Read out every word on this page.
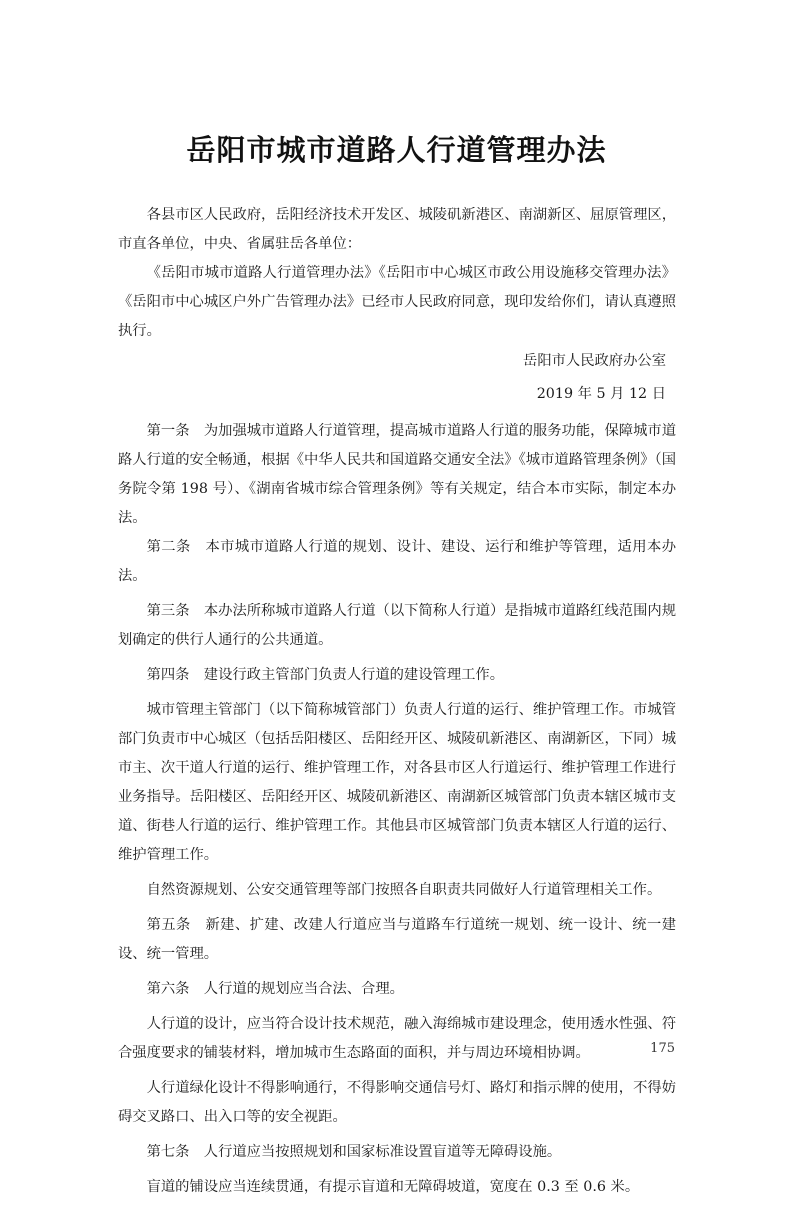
岳阳市城市道路人行道管理办法

各县市区人民政府，岳阳经济技术开发区、城陵矶新港区、南湖新区、屈原管理区，市直各单位，中央、省属驻岳各单位：

《岳阳市城市道路人行道管理办法》《岳阳市中心城区市政公用设施移交管理办法》《岳阳市中心城区户外广告管理办法》已经市人民政府同意，现印发给你们，请认真遵照执行。

岳阳市人民政府办公室

2019 年 5 月 12 日

第一条　为加强城市道路人行道管理，提高城市道路人行道的服务功能，保障城市道路人行道的安全畅通，根据《中华人民共和国道路交通安全法》《城市道路管理条例》（国务院令第 198 号）、《湖南省城市综合管理条例》等有关规定，结合本市实际，制定本办法。

第二条　本市城市道路人行道的规划、设计、建设、运行和维护等管理，适用本办法。

第三条　本办法所称城市道路人行道（以下简称人行道）是指城市道路红线范围内规划确定的供行人通行的公共通道。

第四条　建设行政主管部门负责人行道的建设管理工作。

城市管理主管部门（以下简称城管部门）负责人行道的运行、维护管理工作。市城管部门负责市中心城区（包括岳阳楼区、岳阳经开区、城陵矶新港区、南湖新区，下同）城市主、次干道人行道的运行、维护管理工作，对各县市区人行道运行、维护管理工作进行业务指导。岳阳楼区、岳阳经开区、城陵矶新港区、南湖新区城管部门负责本辖区城市支道、街巷人行道的运行、维护管理工作。其他县市区城管部门负责本辖区人行道的运行、维护管理工作。

自然资源规划、公安交通管理等部门按照各自职责共同做好人行道管理相关工作。

第五条　新建、扩建、改建人行道应当与道路车行道统一规划、统一设计、统一建设、统一管理。

第六条　人行道的规划应当合法、合理。

人行道的设计，应当符合设计技术规范，融入海绵城市建设理念，使用透水性强、符合强度要求的铺装材料，增加城市生态路面的面积，并与周边环境相协调。

人行道绿化设计不得影响通行，不得影响交通信号灯、路灯和指示牌的使用，不得妨碍交叉路口、出入口等的安全视距。

第七条　人行道应当按照规划和国家标准设置盲道等无障碍设施。

盲道的铺设应当连续贯通，有提示盲道和无障碍坡道，宽度在 0.3 至 0.6 米。

175
